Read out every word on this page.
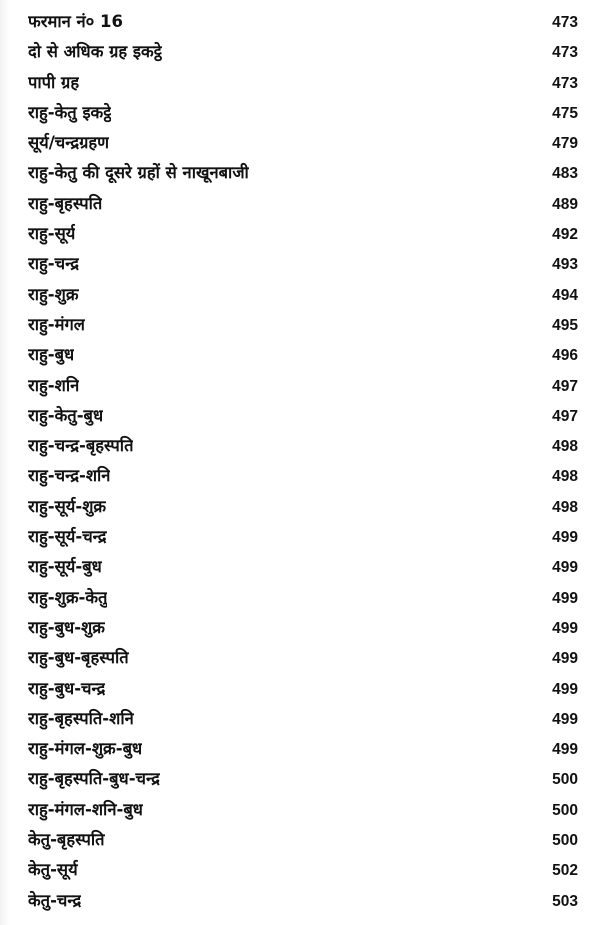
फरमान नं० 16	473
दो से अधिक ग्रह इकट्ठे	473
पापी ग्रह	473
राहु-केतु इकट्ठे	475
सूर्य/चन्द्रग्रहण	479
राहु-केतु की दूसरे ग्रहों से नाखूनबाजी	483
राहु-बृहस्पति	489
राहु-सूर्य	492
राहु-चन्द्र	493
राहु-शुक्र	494
राहु-मंगल	495
राहु-बुध	496
राहु-शनि	497
राहु-केतु-बुध	497
राहु-चन्द्र-बृहस्पति	498
राहु-चन्द्र-शनि	498
राहु-सूर्य-शुक्र	498
राहु-सूर्य-चन्द्र	499
राहु-सूर्य-बुध	499
राहु-शुक्र-केतु	499
राहु-बुध-शुक्र	499
राहु-बुध-बृहस्पति	499
राहु-बुध-चन्द्र	499
राहु-बृहस्पति-शनि	499
राहु-मंगल-शुक्र-बुध	499
राहु-बृहस्पति-बुध-चन्द्र	500
राहु-मंगल-शनि-बुध	500
केतु-बृहस्पति	500
केतु-सूर्य	502
केतु-चन्द्र	503
